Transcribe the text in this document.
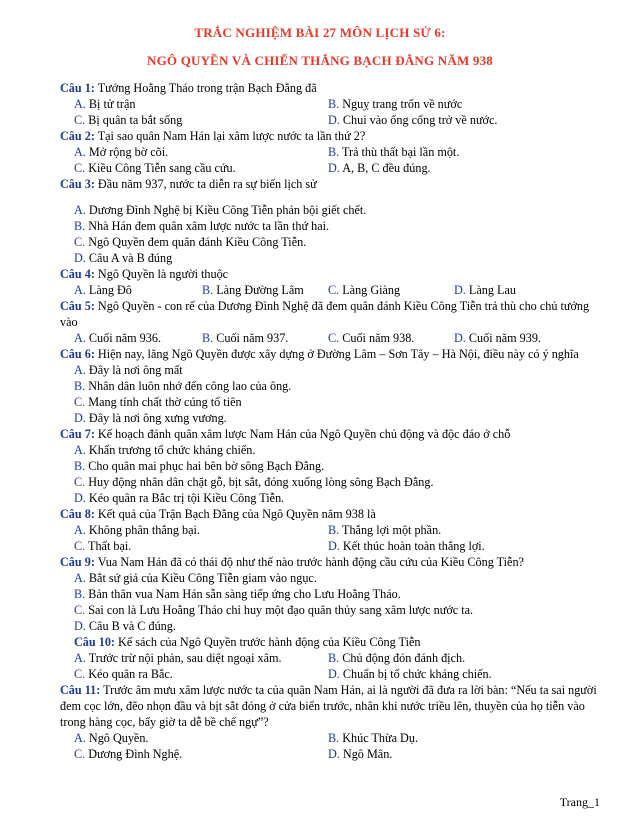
TRẮC NGHIỆM BÀI 27 MÔN LỊCH SỬ 6:
NGÔ QUYỀN VÀ CHIẾN THẮNG BẠCH ĐẰNG NĂM 938
Câu 1: Tướng Hoằng Tháo trong trận Bạch Đằng đã
A. Bị tử trận	B. Nguỵ trang trốn về nước
C. Bị quân ta bắt sống	D. Chui vào ống cống trở về nước.
Câu 2: Tại sao quân Nam Hán lại xâm lược nước ta lần thứ 2?
A. Mở rộng bờ cõi.	B. Trả thù thất bại lần một.
C. Kiều Công Tiễn sang cầu cứu.	D. A, B, C đều đúng.
Câu 3: Đầu năm 937, nước ta diễn ra sự biến lịch sử
A. Dương Đình Nghệ bị Kiều Công Tiễn phản bội giết chết.
B. Nhà Hán đem quân xâm lược nước ta lần thứ hai.
C. Ngô Quyền đem quân đánh Kiều Công Tiễn.
D. Câu A và B đúng
Câu 4: Ngô Quyền là người thuộc
A. Làng Đô	B. Làng Đường Lâm	C. Làng Giàng	D. Làng Lau
Câu 5: Ngô Quyền - con rể của Dương Đình Nghệ đã đem quân đánh Kiều Công Tiễn trả thù cho chủ tướng vào
A. Cuối năm 936.	B. Cuối năm 937.	C. Cuối năm 938.	D. Cuối năm 939.
Câu 6: Hiện nay, lăng Ngô Quyền được xây dựng ở Đường Lâm – Sơn Tây – Hà Nội, điều này có ý nghĩa
A. Đây là nơi ông mất
B. Nhân dân luôn nhớ đến công lao của ông.
C. Mang tính chất thờ cúng tổ tiên
D. Đây là nơi ông xưng vương.
Câu 7: Kế hoạch đánh quân xâm lược Nam Hán của Ngô Quyền chủ động và độc đáo ở chỗ
A. Khẩn trương tổ chức kháng chiến.
B. Cho quân mai phục hai bên bờ sông Bạch Đằng.
C. Huy động nhân dân chặt gỗ, bịt sắt, đóng xuống lòng sông Bạch Đằng.
D. Kéo quân ra Bắc trị tội Kiều Công Tiễn.
Câu 8: Kết quả của Trận Bạch Đằng của Ngô Quyền năm 938 là
A. Không phân thắng bại.	B. Thắng lợi một phần.
C. Thất bại.	D. Kết thúc hoàn toàn thắng lợi.
Câu 9: Vua Nam Hán đã có thái độ như thế nào trước hành động cầu cứu của Kiều Công Tiễn?
A. Bắt sứ giả của Kiều Công Tiễn giam vào ngục.
B. Bản thân vua Nam Hán sẵn sàng tiếp ứng cho Lưu Hoằng Tháo.
C. Sai con là Lưu Hoằng Tháo chỉ huy một đạo quân thủy sang xâm lược nước ta.
D. Câu B và C đúng.
Câu 10: Kế sách của Ngô Quyền trước hành động của Kiều Công Tiễn
A. Trước trừ nội phản, sau diệt ngoại xâm.	B. Chủ động đón đánh địch.
C. Kéo quân ra Bắc.	D. Chuẩn bị tổ chức kháng chiến.
Câu 11: Trước âm mưu xâm lược nước ta của quân Nam Hán, ai là người đã đưa ra lời bàn: “Nếu ta sai người đem cọc lớn, đẽo nhọn đầu và bịt sắt đóng ở cửa biển trước, nhân khi nước triều lên, thuyền của họ tiễn vào trong hàng cọc, bấy giờ ta dễ bề chế ngự”?
A. Ngô Quyền.	B. Khúc Thừa Dụ.
C. Dương Đình Nghệ.	D. Ngô Mân.
Trang_1
